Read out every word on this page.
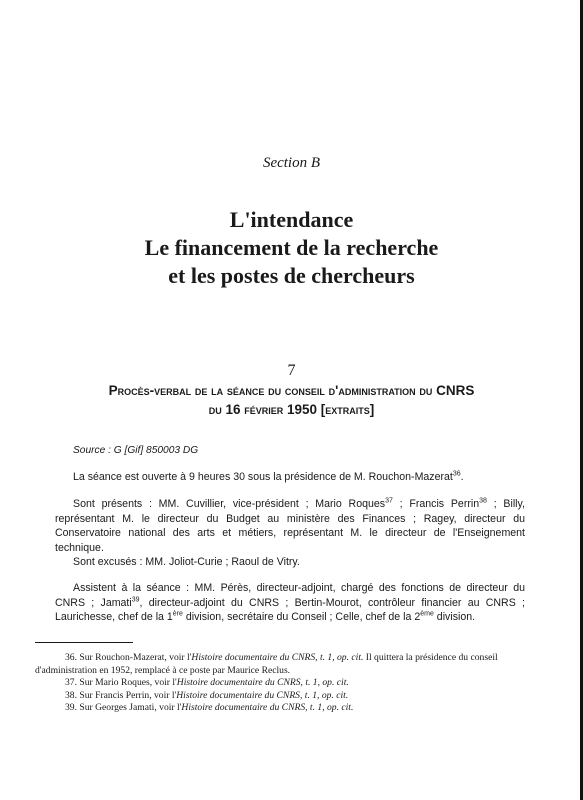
Section B
L'intendance
Le financement de la recherche
et les postes de chercheurs
7
Procès-verbal de la séance du conseil d'administration du CNRS
du 16 février 1950 [extraits]
Source : G [Gif] 850003 DG
La séance est ouverte à 9 heures 30 sous la présidence de M. Rouchon-Mazerat$^{36}$.
Sont présents : MM. Cuvillier, vice-président ; Mario Roques$^{37}$ ; Francis Perrin$^{38}$ ; Billy, représentant M. le directeur du Budget au ministère des Finances ; Ragey, directeur du Conservatoire national des arts et métiers, représentant M. le directeur de l'Enseignement technique.
Sont excusés : MM. Joliot-Curie ; Raoul de Vitry.
Assistent à la séance : MM. Pérès, directeur-adjoint, chargé des fonctions de directeur du CNRS ; Jamati$^{39}$, directeur-adjoint du CNRS ; Bertin-Mourot, contrôleur financier au CNRS ; Laurichesse, chef de la 1ère division, secrétaire du Conseil ; Celle, chef de la 2ème division.

36. Sur Rouchon-Mazerat, voir l'Histoire documentaire du CNRS, t. 1, op. cit. Il quittera la présidence du conseil d'administration en 1952, remplacé à ce poste par Maurice Reclus.

37. Sur Mario Roques, voir l'Histoire documentaire du CNRS, t. 1, op. cit.

38. Sur Francis Perrin, voir l'Histoire documentaire du CNRS, t. 1, op. cit.

39. Sur Georges Jamati, voir l'Histoire documentaire du CNRS, t. 1, op. cit.
